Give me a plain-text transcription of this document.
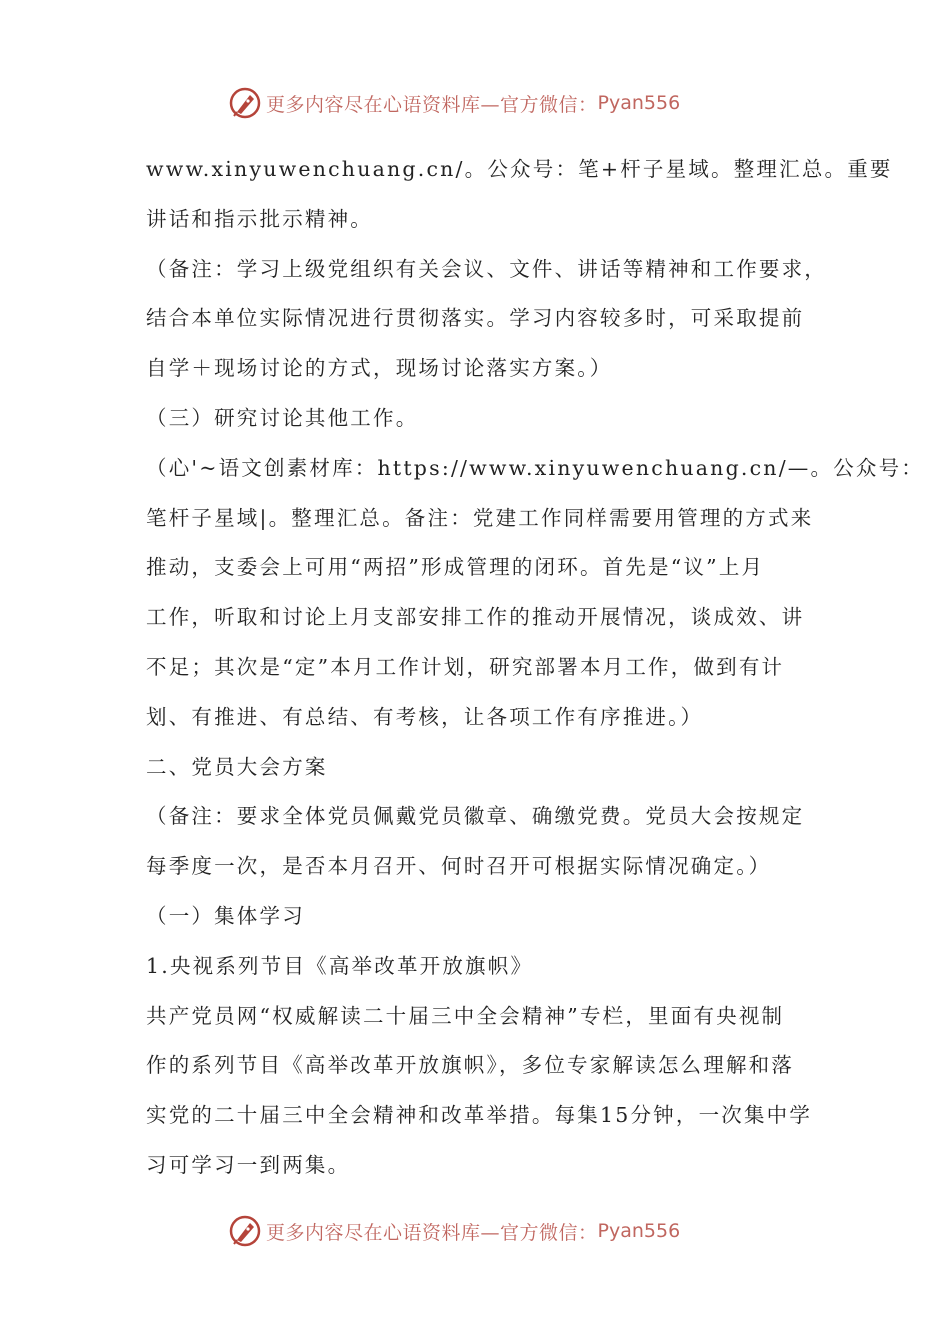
更多内容尽在心语资料库—官方微信： Pyan556
www.xinyuwenchuang.cn/。公众号：笔+杆子星域。整理汇总。重要
讲话和指示批示精神。
（备注：学习上级党组织有关会议、文件、讲话等精神和工作要求，
结合本单位实际情况进行贯彻落实。学习内容较多时，可采取提前
自学＋现场讨论的方式，现场讨论落实方案。）
（三）研究讨论其他工作。
（心'~语文创素材库：https://www.xinyuwenchuang.cn/—。公众号：
笔杆子星域|。整理汇总。备注：党建工作同样需要用管理的方式来
推动，支委会上可用“两招”形成管理的闭环。首先是“议”上月
工作，听取和讨论上月支部安排工作的推动开展情况，谈成效、讲
不足；其次是“定”本月工作计划，研究部署本月工作，做到有计
划、有推进、有总结、有考核，让各项工作有序推进。）
二、党员大会方案
（备注：要求全体党员佩戴党员徽章、确缴党费。党员大会按规定
每季度一次，是否本月召开、何时召开可根据实际情况确定。）
（一）集体学习
1.央视系列节目《高举改革开放旗帜》
共产党员网“权威解读二十届三中全会精神”专栏，里面有央视制
作的系列节目《高举改革开放旗帜》，多位专家解读怎么理解和落
实党的二十届三中全会精神和改革举措。每集15分钟，一次集中学
习可学习一到两集。
更多内容尽在心语资料库—官方微信： Pyan556
